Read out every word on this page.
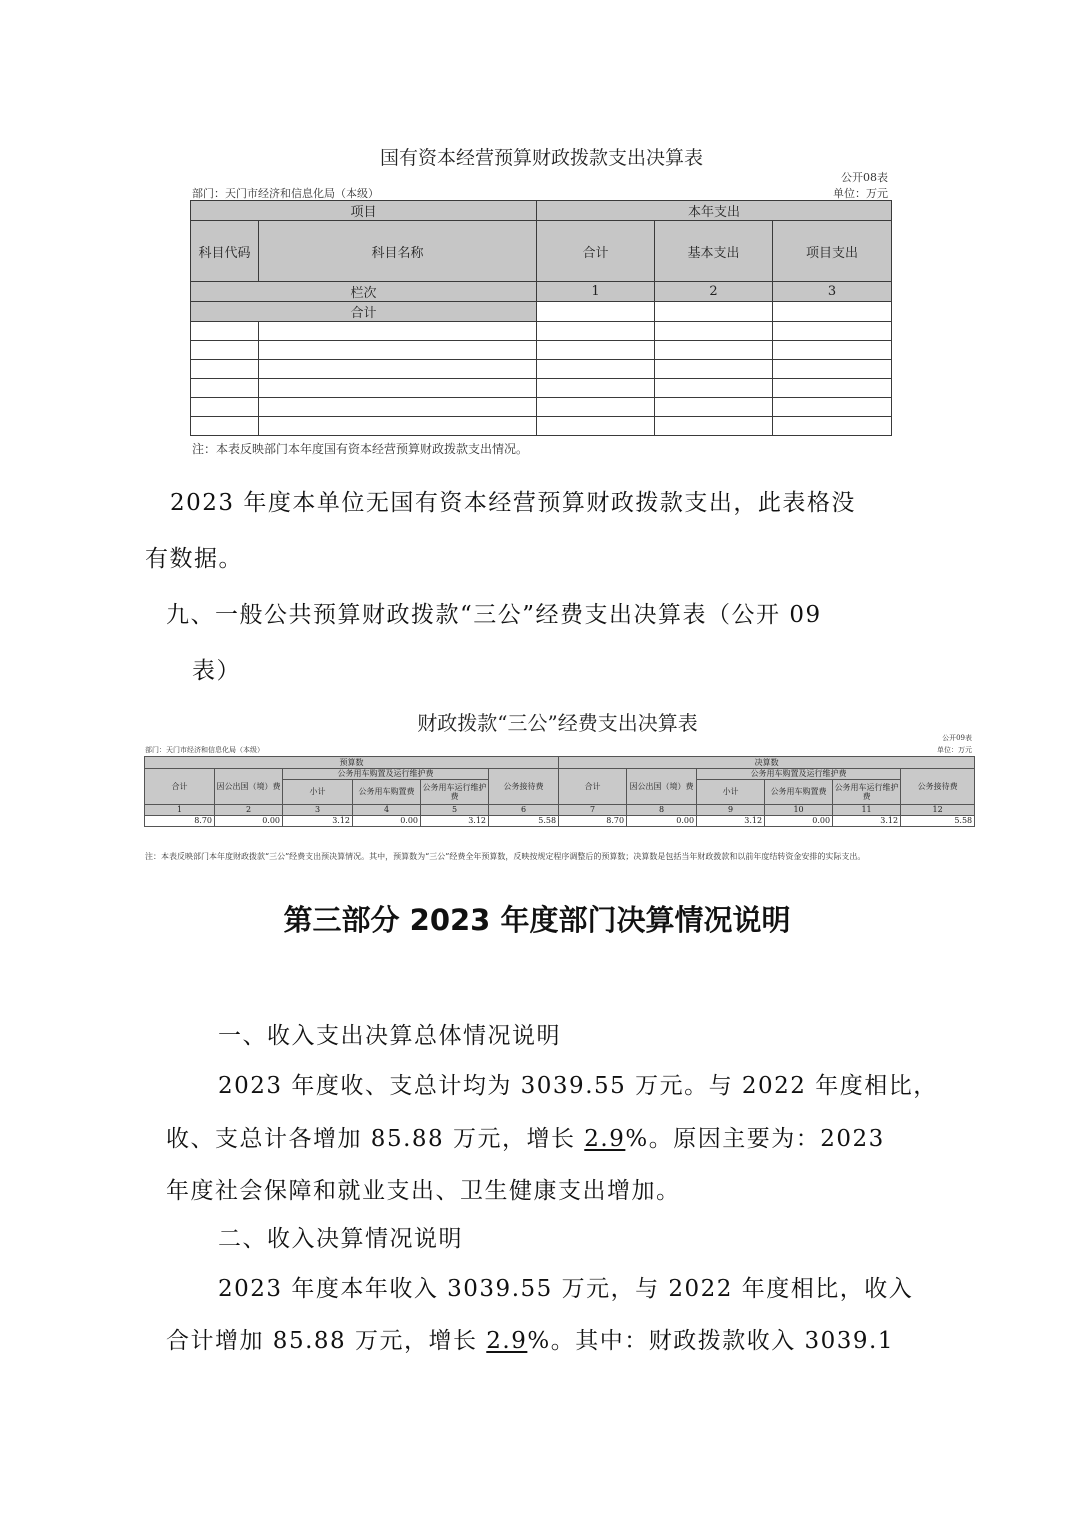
国有资本经营预算财政拨款支出决算表
公开08表
部门：天门市经济和信息化局（本级）	单位：万元
项目		本年支出		
科目代码	科目名称	合计	基本支出	项目支出
栏次		1	2	3
合计				

注：本表反映部门本年度国有资本经营预算财政拨款支出情况。
2023 年度本单位无国有资本经营预算财政拨款支出，此表格没
有数据。
九、一般公共预算财政拨款“三公”经费支出决算表（公开 09
表）
财政拨款“三公”经费支出决算表
公开09表
部门：天门市经济和信息化局（本级）	单位：万元
预算数						决算数					
合计	因公出国（境）费	公务用车购置及运行维护费			公务接待费	合计	因公出国（境）费	公务用车购置及运行维护费			公务接待费
		小计	公务用车购置费	公务用车运行维护费				小计	公务用车购置费	公务用车运行维护费	
1	2	3	4	5	6	7	8	9	10	11	12
8.70	0.00	3.12	0.00	3.12	5.58	8.70	0.00	3.12	0.00	3.12	5.58
注：本表反映部门本年度财政拨款“三公”经费支出预决算情况。其中，预算数为“三公”经费全年预算数，反映按规定程序调整后的预算数；决算数是包括当年财政拨款和以前年度结转资金安排的实际支出。
第三部分 2023 年度部门决算情况说明
一、收入支出决算总体情况说明
2023 年度收、支总计均为 3039.55 万元。与 2022 年度相比，
收、支总计各增加 85.88 万元，增长 2.9%。原因主要为：2023
年度社会保障和就业支出、卫生健康支出增加。
二、收入决算情况说明
2023 年度本年收入 3039.55 万元，与 2022 年度相比，收入
合计增加 85.88 万元，增长 2.9%。其中：财政拨款收入 3039.1
